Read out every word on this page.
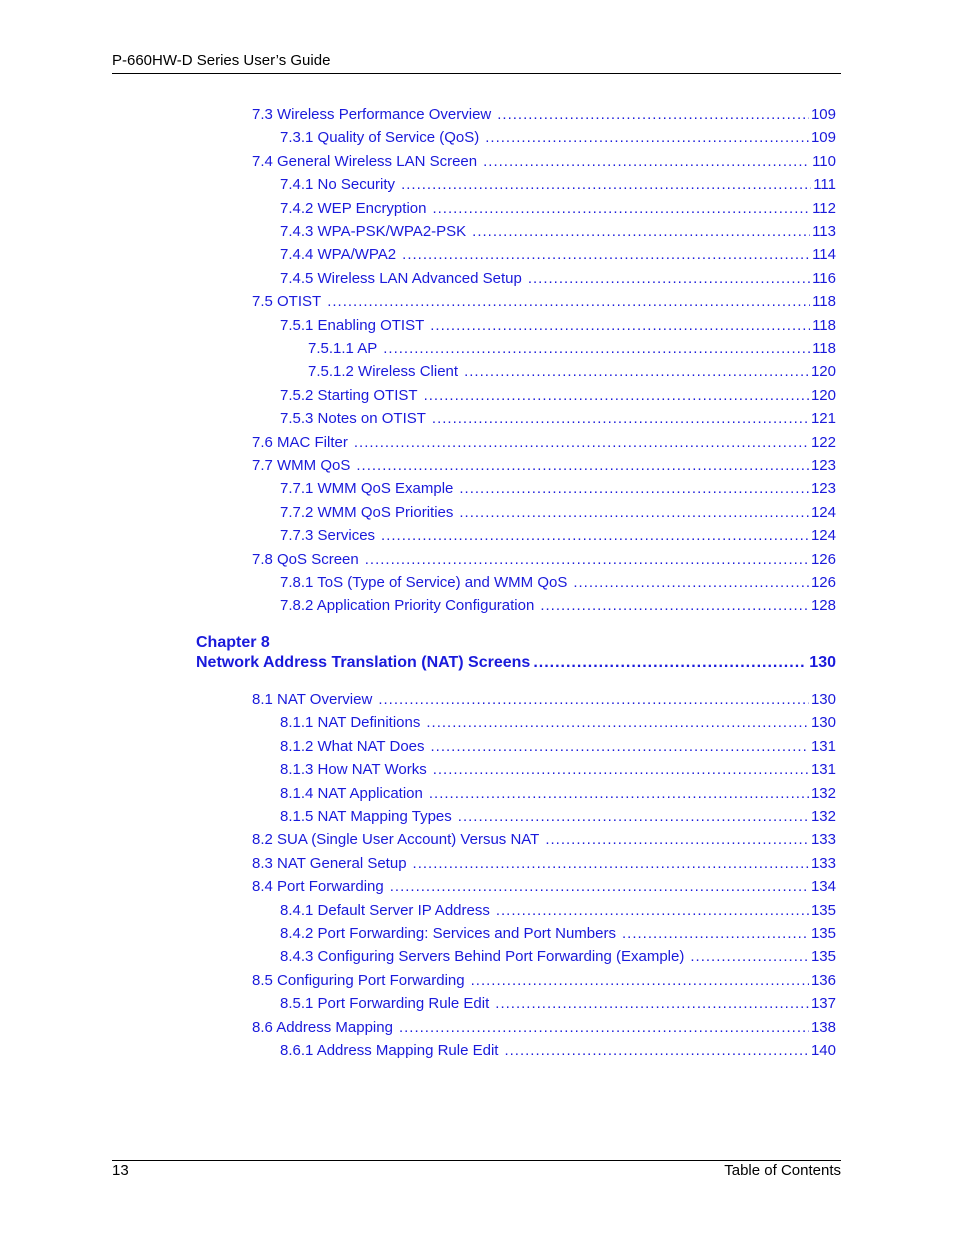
P-660HW-D Series User’s Guide
7.3 Wireless Performance Overview .....	109
7.3.1 Quality of Service (QoS) .....	109
7.4 General Wireless LAN Screen .....	110
7.4.1 No Security .....	111
7.4.2 WEP Encryption .....	112
7.4.3 WPA-PSK/WPA2-PSK .....	113
7.4.4 WPA/WPA2 .....	114
7.4.5 Wireless LAN Advanced Setup .....	116
7.5 OTIST .....	118
7.5.1 Enabling OTIST .....	118
7.5.1.1 AP .....	118
7.5.1.2 Wireless Client .....	120
7.5.2 Starting OTIST .....	120
7.5.3 Notes on OTIST .....	121
7.6 MAC Filter .....	122
7.7 WMM QoS .....	123
7.7.1 WMM QoS Example .....	123
7.7.2 WMM QoS Priorities .....	124
7.7.3 Services .....	124
7.8 QoS Screen .....	126
7.8.1 ToS (Type of Service) and WMM QoS .....	126
7.8.2 Application Priority Configuration .....	128
Chapter 8
Network Address Translation (NAT) Screens .....	130
8.1 NAT Overview .....	130
8.1.1 NAT Definitions .....	130
8.1.2 What NAT Does .....	131
8.1.3 How NAT Works .....	131
8.1.4 NAT Application .....	132
8.1.5 NAT Mapping Types .....	132
8.2 SUA (Single User Account) Versus NAT .....	133
8.3 NAT General Setup .....	133
8.4 Port Forwarding .....	134
8.4.1 Default Server IP Address .....	135
8.4.2 Port Forwarding: Services and Port Numbers .....	135
8.4.3 Configuring Servers Behind Port Forwarding (Example) .....	135
8.5 Configuring Port Forwarding .....	136
8.5.1 Port Forwarding Rule Edit .....	137
8.6 Address Mapping .....	138
8.6.1 Address Mapping Rule Edit .....	140
13	Table of Contents
